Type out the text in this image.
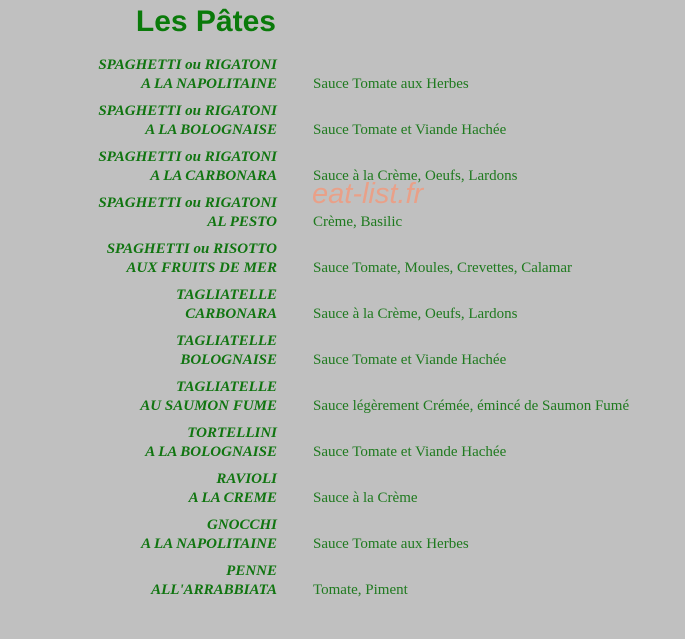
Les Pâtes
SPAGHETTI ou RIGATONI
A LA NAPOLITAINE Sauce Tomate aux Herbes
SPAGHETTI ou RIGATONI
A LA BOLOGNAISE Sauce Tomate et Viande Hachée
SPAGHETTI ou RIGATONI
A LA CARBONARA Sauce à la Crème, Oeufs, Lardons
SPAGHETTI ou RIGATONI
AL PESTO Crème, Basilic
SPAGHETTI ou RISOTTO
AUX FRUITS DE MER Sauce Tomate, Moules, Crevettes, Calamar
TAGLIATELLE
CARBONARA Sauce à la Crème, Oeufs, Lardons
TAGLIATELLE
BOLOGNAISE Sauce Tomate et Viande Hachée
TAGLIATELLE
AU SAUMON FUME Sauce légèrement Crémée, émincé de Saumon Fumé
TORTELLINI
A LA BOLOGNAISE Sauce Tomate et Viande Hachée
RAVIOLI
A LA CREME Sauce à la Crème
GNOCCHI
A LA NAPOLITAINE Sauce Tomate aux Herbes
PENNE
ALL'ARRABBIATA Tomate, Piment
eat-list.fr
